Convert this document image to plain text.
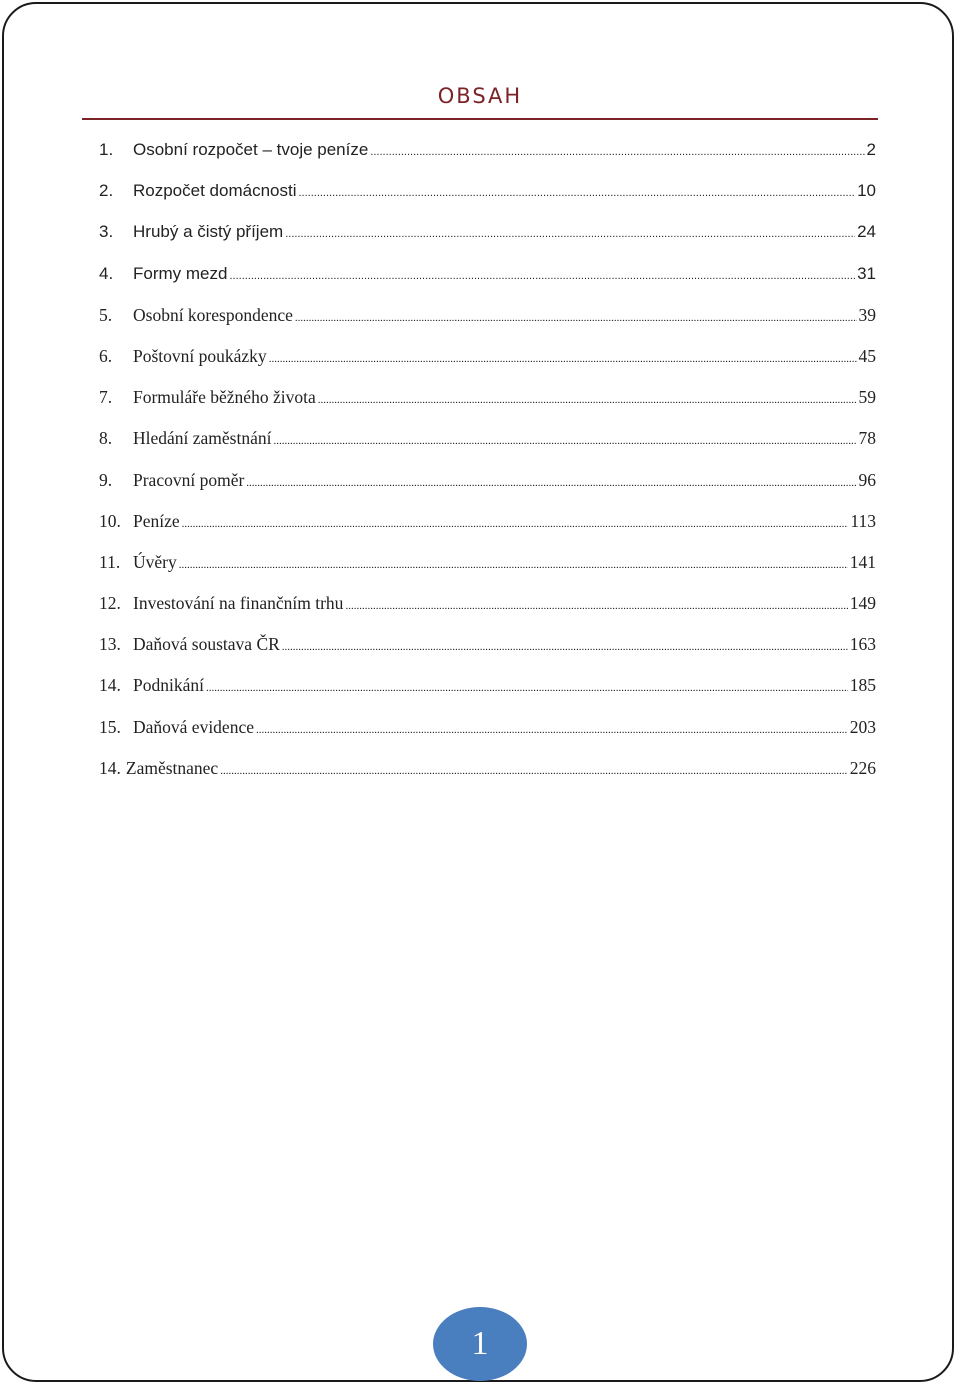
OBSAH
1.	Osobní rozpočet – tvoje peníze .....	2
2.	Rozpočet domácnosti .....	10
3.	Hrubý a čistý příjem .....	24
4.	Formy mezd .....	31
5.	Osobní korespondence .....	39
6.	Poštovní poukázky .....	45
7.	Formuláře běžného života .....	59
8.	Hledání zaměstnání .....	78
9.	Pracovní poměr .....	96
10. Peníze .....	113
11. Úvěry .....	141
12. Investování na finančním trhu .....	149
13. Daňová soustava ČR .....	163
14. Podnikání .....	185
15. Daňová evidence .....	203
14. Zaměstnanec .....	226
1
